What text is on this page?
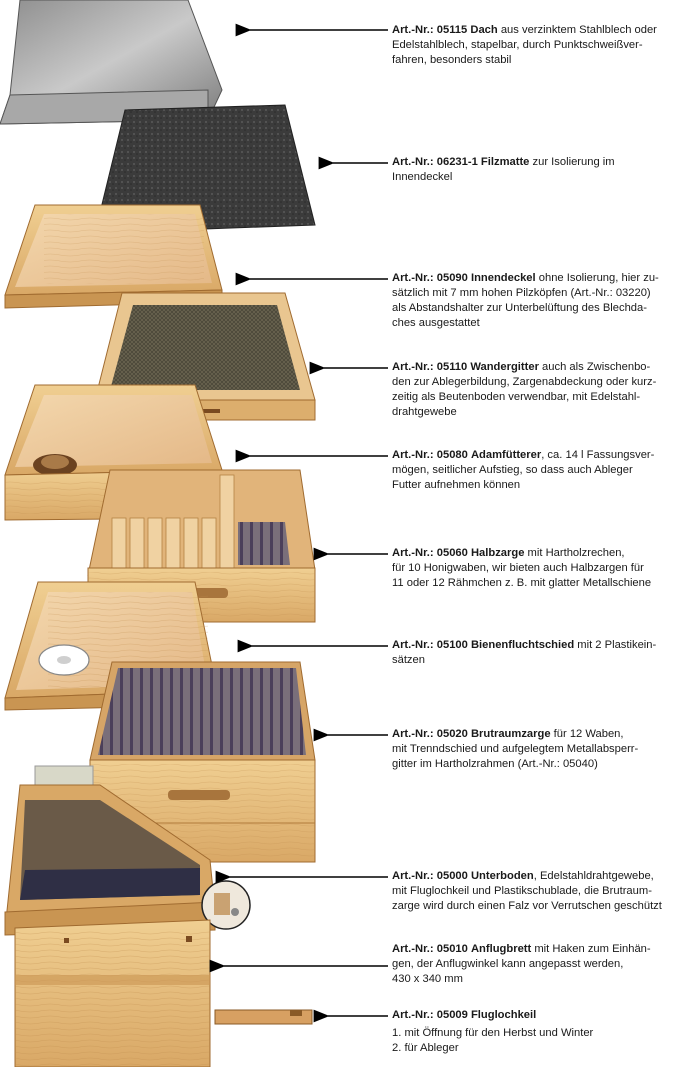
Art.-Nr.: 05115 Dach aus verzinktem Stahlblech oder
Edelstahlblech, stapelbar, durch Punktschweißver-
fahren, besonders stabil
Art.-Nr.: 06231-1 Filzmatte zur Isolierung im
Innendeckel
Art.-Nr.: 05090 Innendeckel ohne Isolierung, hier zu-
sätzlich mit 7 mm hohen Pilzköpfen (Art.-Nr.: 03220)
als Abstandshalter zur Unterbelüftung des Blechda-
ches ausgestattet
Art.-Nr.: 05110 Wandergitter auch als Zwischenbo-
den zur Ablegerbildung, Zargenabdeckung oder kurz-
zeitig als Beutenboden verwendbar, mit Edelstahl-
drahtgewebe
Art.-Nr.: 05080 Adamfütterer, ca. 14 l Fassungsver-
mögen, seitlicher Aufstieg, so dass auch Ableger
Futter aufnehmen können
Art.-Nr.: 05060 Halbzarge mit Hartholzrechen,
für 10 Honigwaben, wir bieten auch Halbzargen für
11 oder 12 Rähmchen z. B. mit glatter Metallschiene
Art.-Nr.: 05100 Bienenfluchtschied mit 2 Plastikein-
sätzen
Art.-Nr.: 05020 Brutraumzarge für 12 Waben,
mit Trenndschied und aufgelegtem Metallabsperr-
gitter im Hartholzrahmen (Art.-Nr.: 05040)
Art.-Nr.: 05000 Unterboden, Edelstahldrahtgewebe,
mit Fluglochkeil und Plastikschublade, die Brutraum-
zarge wird durch einen Falz vor Verrutschen geschützt
Art.-Nr.: 05010 Anflugbrett mit Haken zum Einhän-
gen, der Anflugwinkel kann angepasst werden,
430 x 340 mm
Art.-Nr.: 05009 Fluglochkeil
1. mit Öffnung für den Herbst und Winter
2. für Ableger
